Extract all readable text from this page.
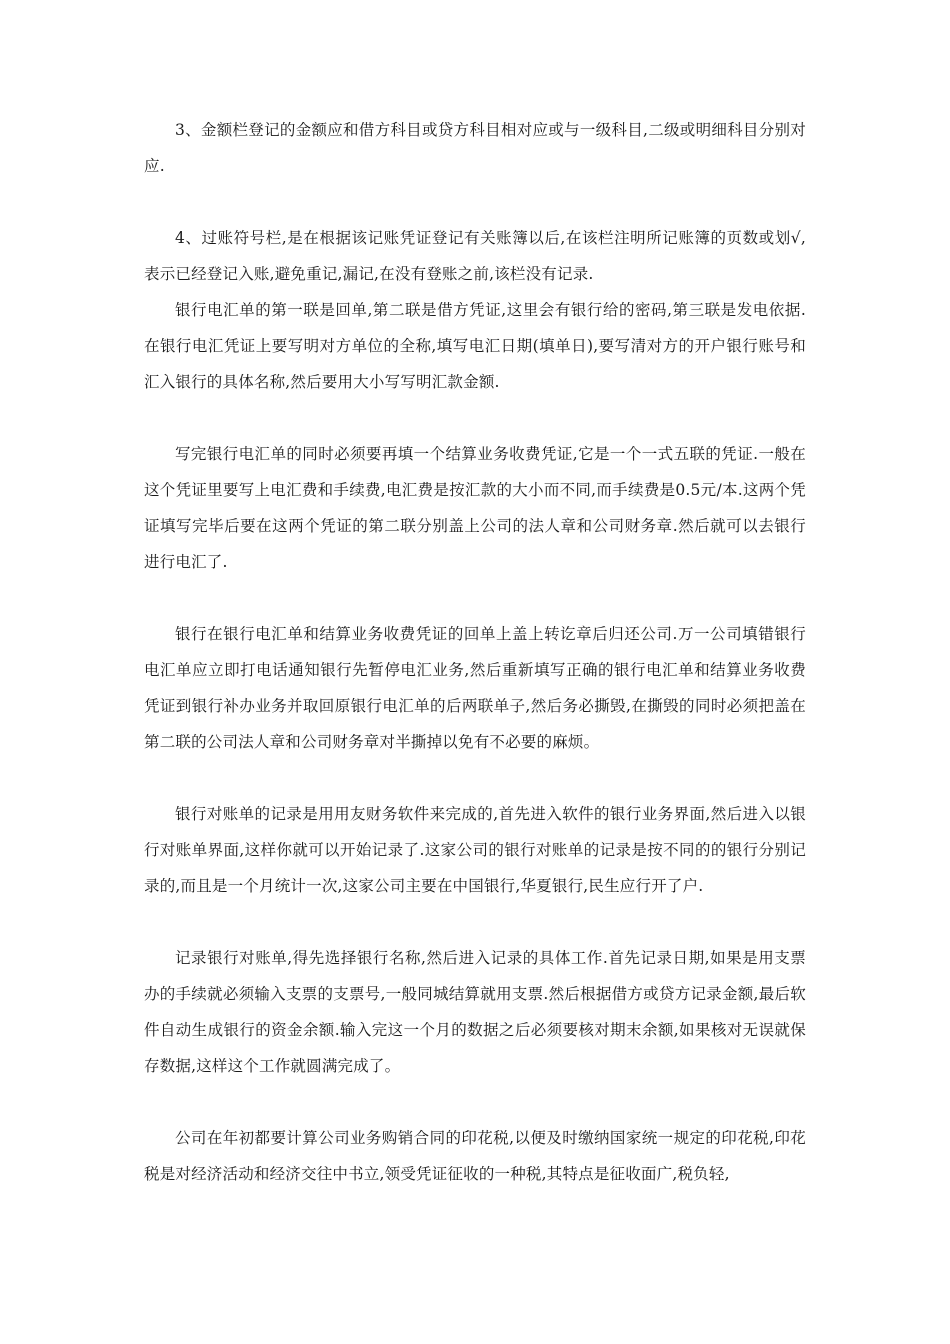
3、金额栏登记的金额应和借方科目或贷方科目相对应或与一级科目,二级或明细科目分别对应.

4、过账符号栏,是在根据该记账凭证登记有关账簿以后,在该栏注明所记账簿的页数或划√,表示已经登记入账,避免重记,漏记,在没有登账之前,该栏没有记录.

银行电汇单的第一联是回单,第二联是借方凭证,这里会有银行给的密码,第三联是发电依据.在银行电汇凭证上要写明对方单位的全称,填写电汇日期(填单日),要写清对方的开户银行账号和汇入银行的具体名称,然后要用大小写写明汇款金额.

写完银行电汇单的同时必须要再填一个结算业务收费凭证,它是一个一式五联的凭证.一般在这个凭证里要写上电汇费和手续费,电汇费是按汇款的大小而不同,而手续费是0.5元/本.这两个凭证填写完毕后要在这两个凭证的第二联分别盖上公司的法人章和公司财务章.然后就可以去银行进行电汇了.

银行在银行电汇单和结算业务收费凭证的回单上盖上转讫章后归还公司.万一公司填错银行电汇单应立即打电话通知银行先暂停电汇业务,然后重新填写正确的银行电汇单和结算业务收费凭证到银行补办业务并取回原银行电汇单的后两联单子,然后务必撕毁,在撕毁的同时必须把盖在第二联的公司法人章和公司财务章对半撕掉以免有不必要的麻烦。

银行对账单的记录是用用友财务软件来完成的,首先进入软件的银行业务界面,然后进入以银行对账单界面,这样你就可以开始记录了.这家公司的银行对账单的记录是按不同的的银行分别记录的,而且是一个月统计一次,这家公司主要在中国银行,华夏银行,民生应行开了户.

记录银行对账单,得先选择银行名称,然后进入记录的具体工作.首先记录日期,如果是用支票办的手续就必须输入支票的支票号,一般同城结算就用支票.然后根据借方或贷方记录金额,最后软件自动生成银行的资金余额.输入完这一个月的数据之后必须要核对期末余额,如果核对无误就保存数据,这样这个工作就圆满完成了。

公司在年初都要计算公司业务购销合同的印花税,以便及时缴纳国家统一规定的印花税,印花税是对经济活动和经济交往中书立,领受凭证征收的一种税,其特点是征收面广,税负轻,
